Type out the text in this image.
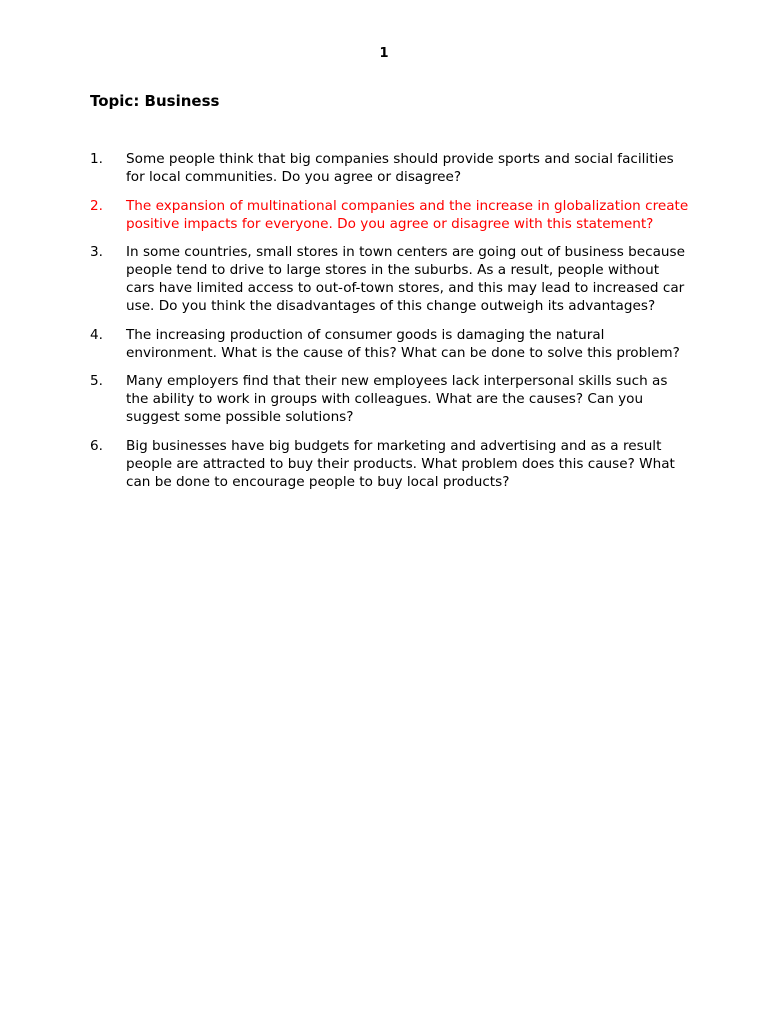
1
Topic: Business
1.	Some people think that big companies should provide sports and social facilities for local communities. Do you agree or disagree?
2.	The expansion of multinational companies and the increase in globalization create positive impacts for everyone. Do you agree or disagree with this statement?
3.	In some countries, small stores in town centers are going out of business because people tend to drive to large stores in the suburbs. As a result, people without cars have limited access to out-of-town stores, and this may lead to increased car use. Do you think the disadvantages of this change outweigh its advantages?
4.	The increasing production of consumer goods is damaging the natural environment. What is the cause of this? What can be done to solve this problem?
5.	Many employers find that their new employees lack interpersonal skills such as the ability to work in groups with colleagues. What are the causes? Can you suggest some possible solutions?
6.	Big businesses have big budgets for marketing and advertising and as a result people are attracted to buy their products. What problem does this cause? What can be done to encourage people to buy local products?
